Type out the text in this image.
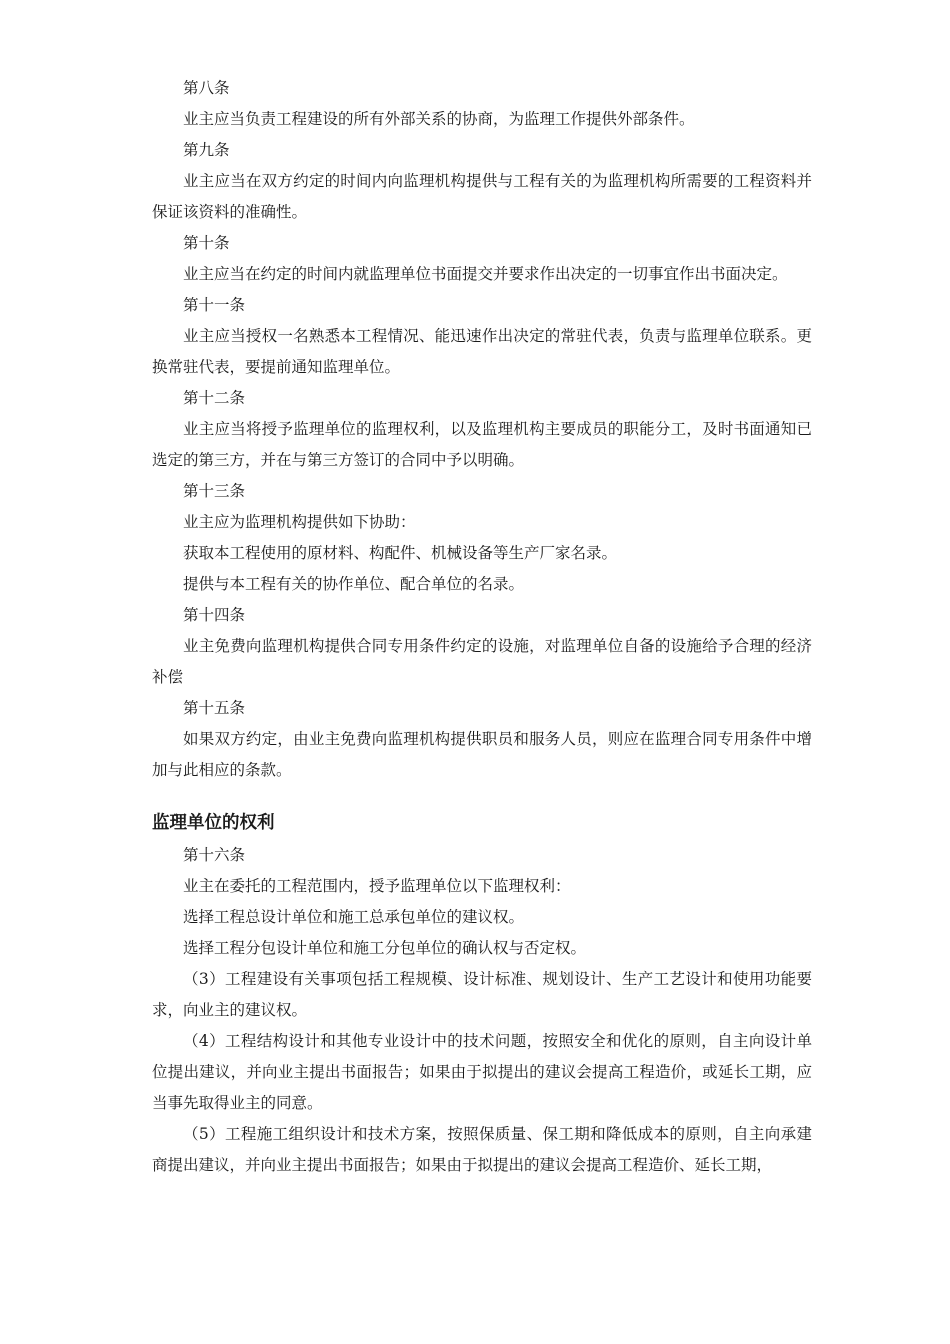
第八条

业主应当负责工程建设的所有外部关系的协商，为监理工作提供外部条件。

第九条

业主应当在双方约定的时间内向监理机构提供与工程有关的为监理机构所需要的工程资料并保证该资料的准确性。

第十条

业主应当在约定的时间内就监理单位书面提交并要求作出决定的一切事宜作出书面决定。

第十一条

业主应当授权一名熟悉本工程情况、能迅速作出决定的常驻代表，负责与监理单位联系。更换常驻代表，要提前通知监理单位。

第十二条

业主应当将授予监理单位的监理权利，以及监理机构主要成员的职能分工，及时书面通知已选定的第三方，并在与第三方签订的合同中予以明确。

第十三条

业主应为监理机构提供如下协助：

获取本工程使用的原材料、构配件、机械设备等生产厂家名录。

提供与本工程有关的协作单位、配合单位的名录。

第十四条

业主免费向监理机构提供合同专用条件约定的设施，对监理单位自备的设施给予合理的经济补偿

第十五条

如果双方约定，由业主免费向监理机构提供职员和服务人员，则应在监理合同专用条件中增加与此相应的条款。

监理单位的权利

第十六条

业主在委托的工程范围内，授予监理单位以下监理权利：

选择工程总设计单位和施工总承包单位的建议权。

选择工程分包设计单位和施工分包单位的确认权与否定权。

（3）工程建设有关事项包括工程规模、设计标准、规划设计、生产工艺设计和使用功能要求，向业主的建议权。

（4）工程结构设计和其他专业设计中的技术问题，按照安全和优化的原则，自主向设计单位提出建议，并向业主提出书面报告；如果由于拟提出的建议会提高工程造价，或延长工期，应当事先取得业主的同意。

（5）工程施工组织设计和技术方案，按照保质量、保工期和降低成本的原则，自主向承建商提出建议，并向业主提出书面报告；如果由于拟提出的建议会提高工程造价、延长工期，
